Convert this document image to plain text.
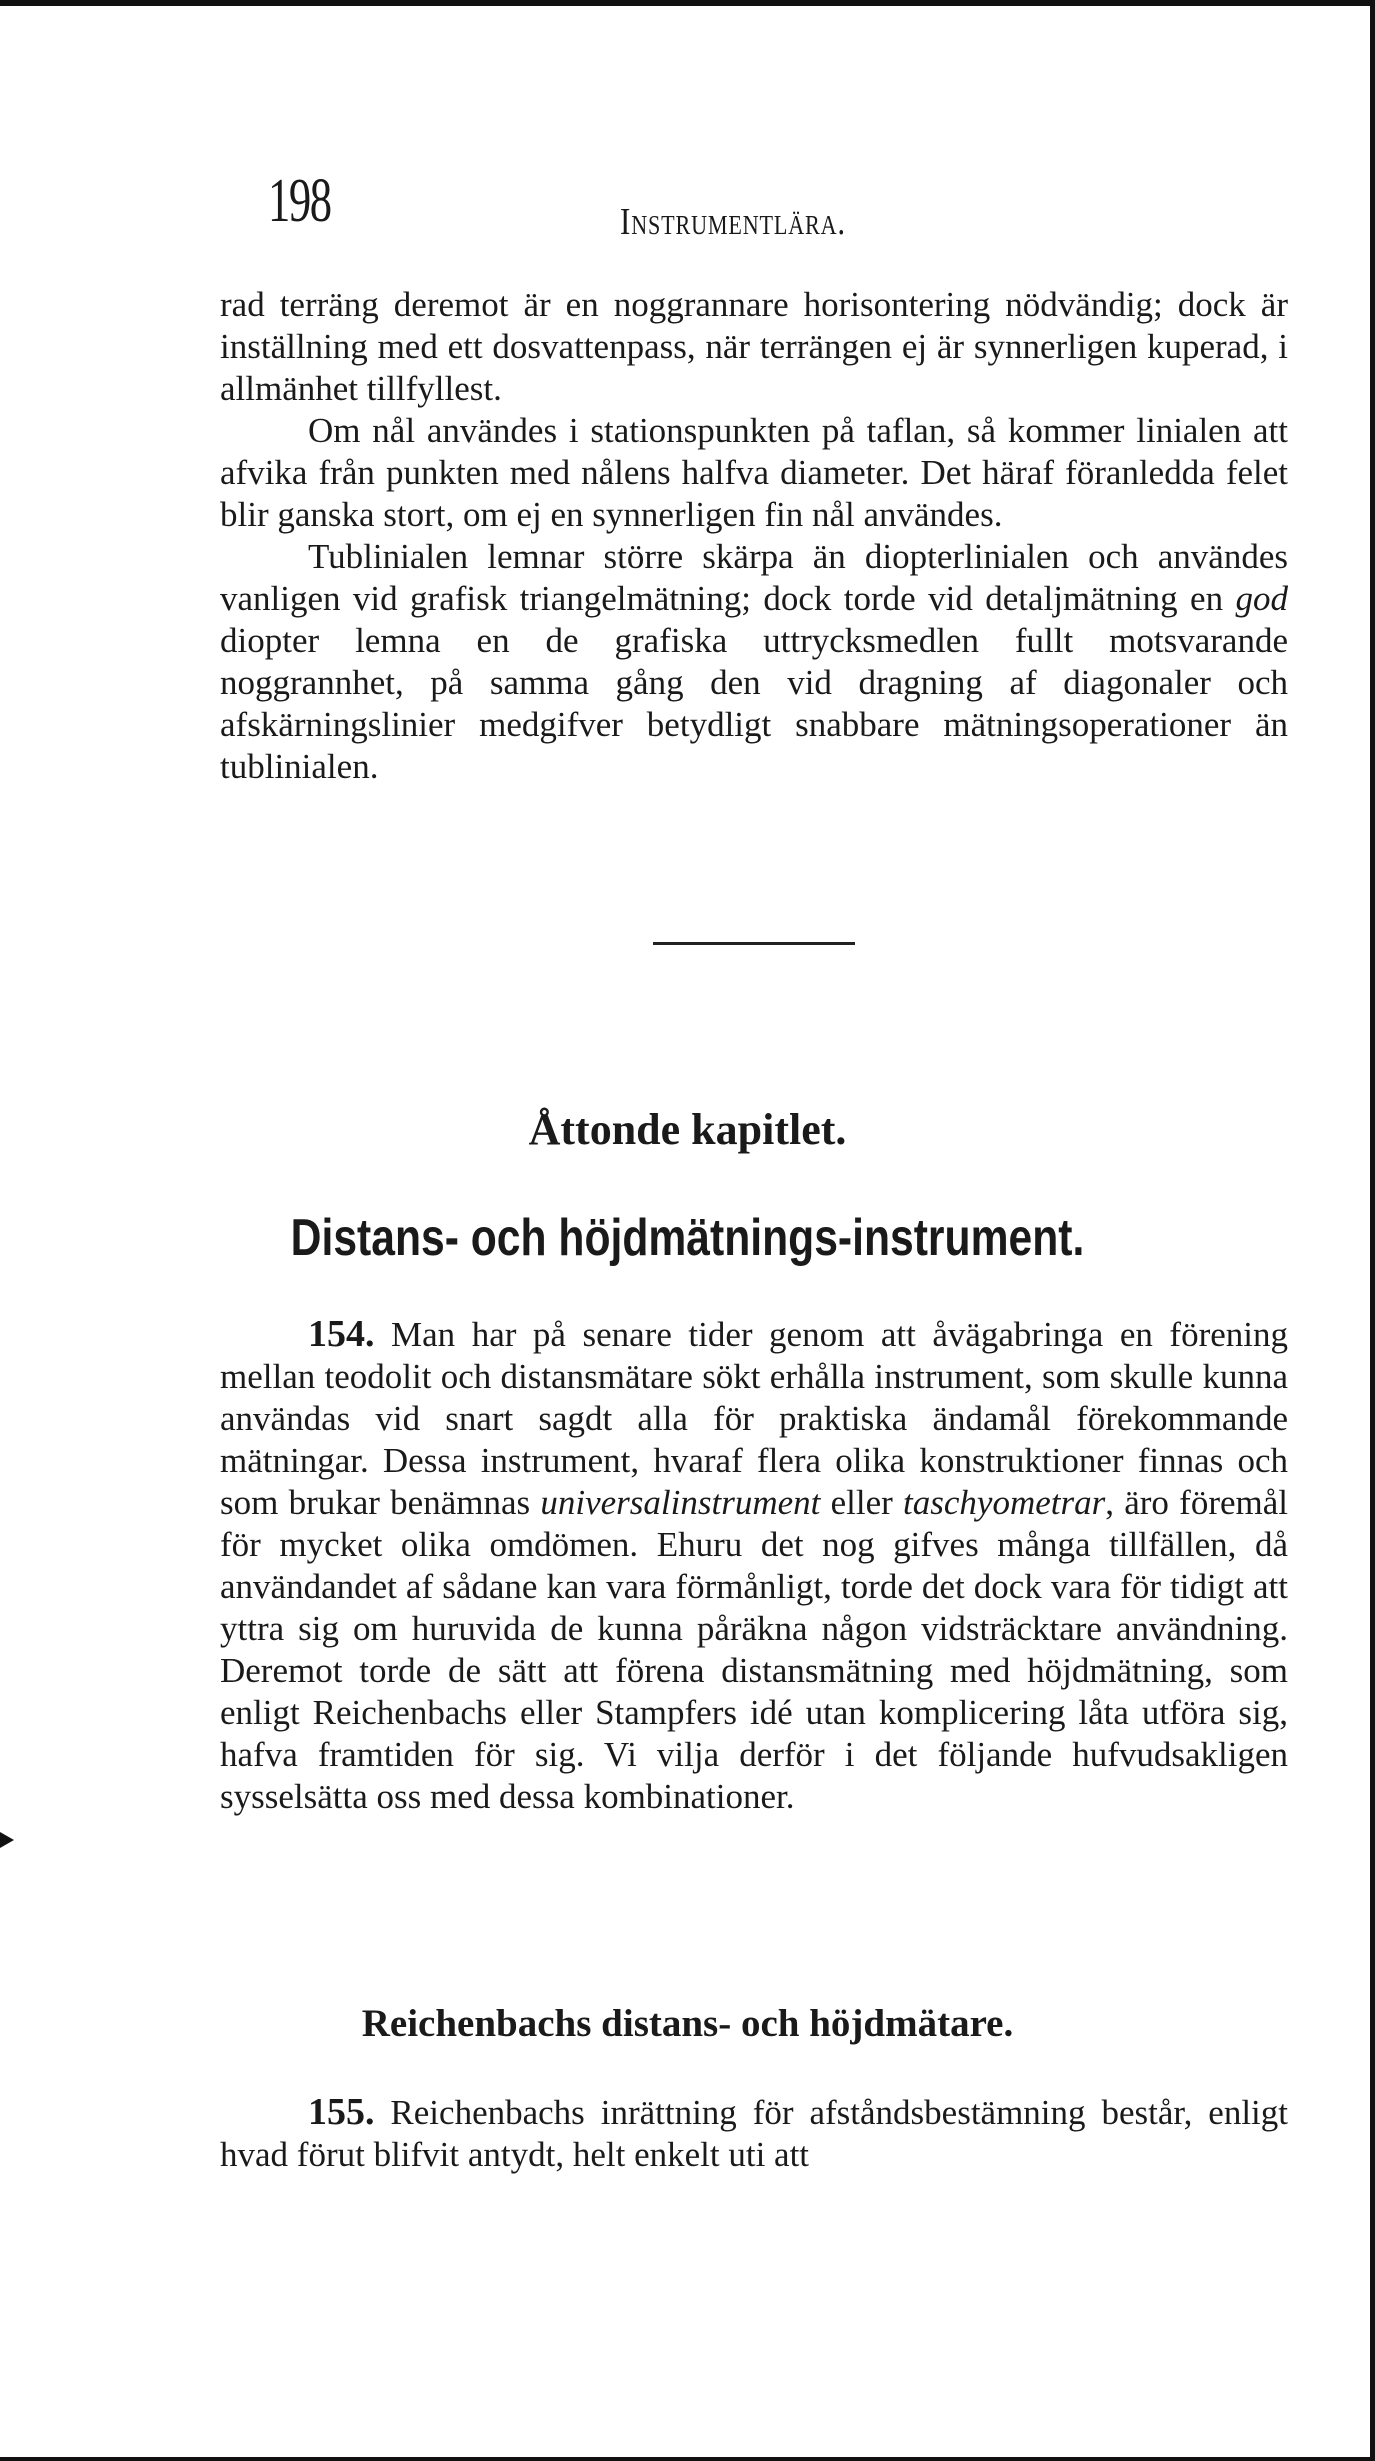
198	Instrumentlära.

rad terräng deremot är en noggrannare horisontering nödvändig; dock är inställning med ett dosvattenpass, när terrängen ej är synnerligen kuperad, i allmänhet tillfyllest.

Om nål användes i stationspunkten på taflan, så kommer linialen att afvika från punkten med nålens halfva diameter. Det häraf föranledda felet blir ganska stort, om ej en synnerligen fin nål användes.

Tublinialen lemnar större skärpa än diopterlinialen och användes vanligen vid grafisk triangelmätning; dock torde vid detaljmätning en god diopter lemna en de grafiska uttrycksmedlen fullt motsvarande noggrannhet, på samma gång den vid dragning af diagonaler och afskärningslinier medgifver betydligt snabbare mätningsoperationer än tublinialen.

Åttonde kapitlet.
Distans- och höjdmätnings-instrument.

154. Man har på senare tider genom att åvägabringa en förening mellan teodolit och distansmätare sökt erhålla instrument, som skulle kunna användas vid snart sagdt alla för praktiska ändamål förekommande mätningar. Dessa instrument, hvaraf flera olika konstruktioner finnas och som brukar benämnas universalinstrument eller taschyometrar, äro föremål för mycket olika omdömen. Ehuru det nog gifves många tillfällen, då användandet af sådane kan vara förmånligt, torde det dock vara för tidigt att yttra sig om huruvida de kunna påräkna någon vidsträcktare användning. Deremot torde de sätt att förena distansmätning med höjdmätning, som enligt Reichenbachs eller Stampfers idé utan komplicering låta utföra sig, hafva framtiden för sig. Vi vilja derför i det följande hufvudsakligen sysselsätta oss med dessa kombinationer.

Reichenbachs distans- och höjdmätare.

155. Reichenbachs inrättning för afståndsbestämning består, enligt hvad förut blifvit antydt, helt enkelt uti att
